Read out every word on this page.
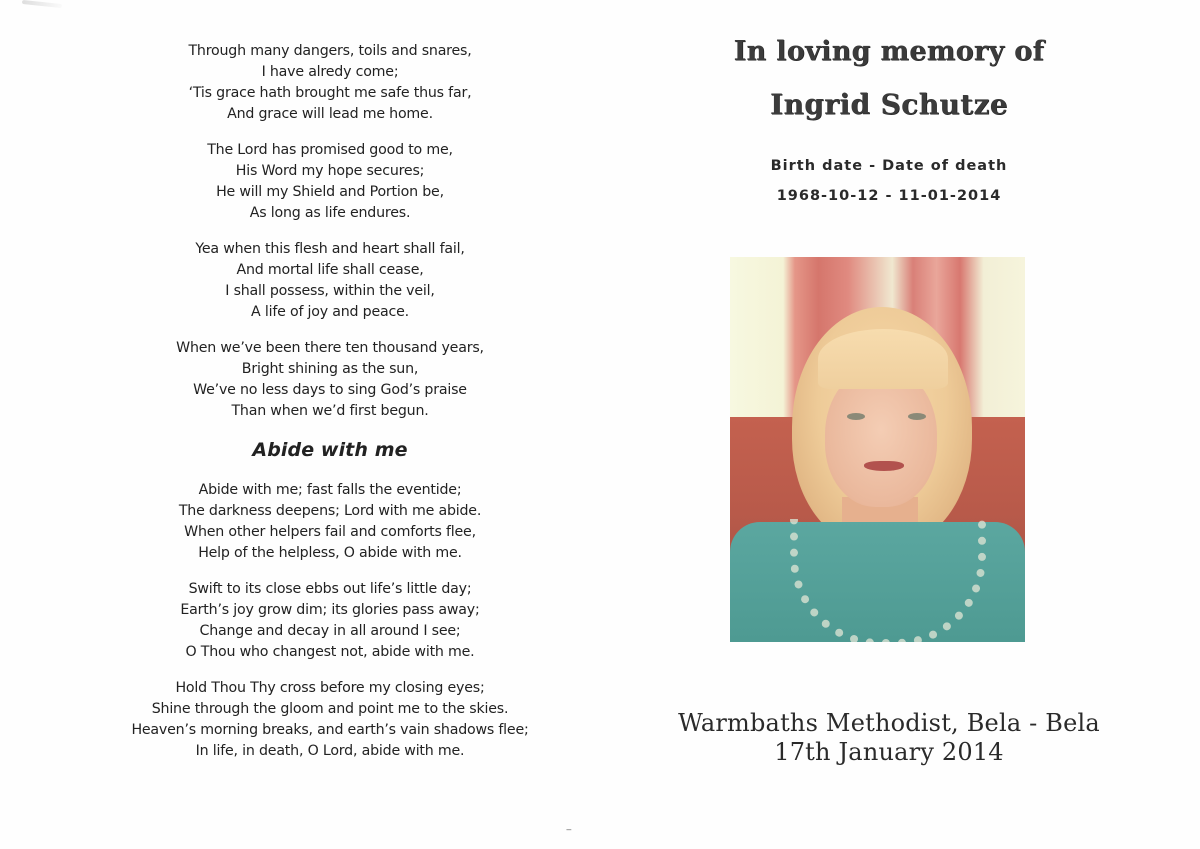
Through many dangers, toils and snares,
I have alredy come;
‘Tis grace hath brought me safe thus far,
And grace will lead me home.

The Lord has promised good to me,
His Word my hope secures;
He will my Shield and Portion be,
As long as life endures.

Yea when this flesh and heart shall fail,
And mortal life shall cease,
I shall possess, within the veil,
A life of joy and peace.

When we’ve been there ten thousand years,
Bright shining as the sun,
We’ve no less days to sing God’s praise
Than when we’d first begun.

Abide with me

Abide with me; fast falls the eventide;
The darkness deepens; Lord with me abide.
When other helpers fail and comforts flee,
Help of the helpless, O abide with me.

Swift to its close ebbs out life’s little day;
Earth’s joy grow dim; its glories pass away;
Change and decay in all around I see;
O Thou who changest not, abide with me.

Hold Thou Thy cross before my closing eyes;
Shine through the gloom and point me to the skies.
Heaven’s morning breaks, and earth’s vain shadows flee;
In life, in death, O Lord, abide with me.

‒
In loving memory of
Ingrid Schutze
Birth date - Date of death
1968-10-12 - 11-01-2014
Warmbaths Methodist, Bela - Bela
17th January 2014
